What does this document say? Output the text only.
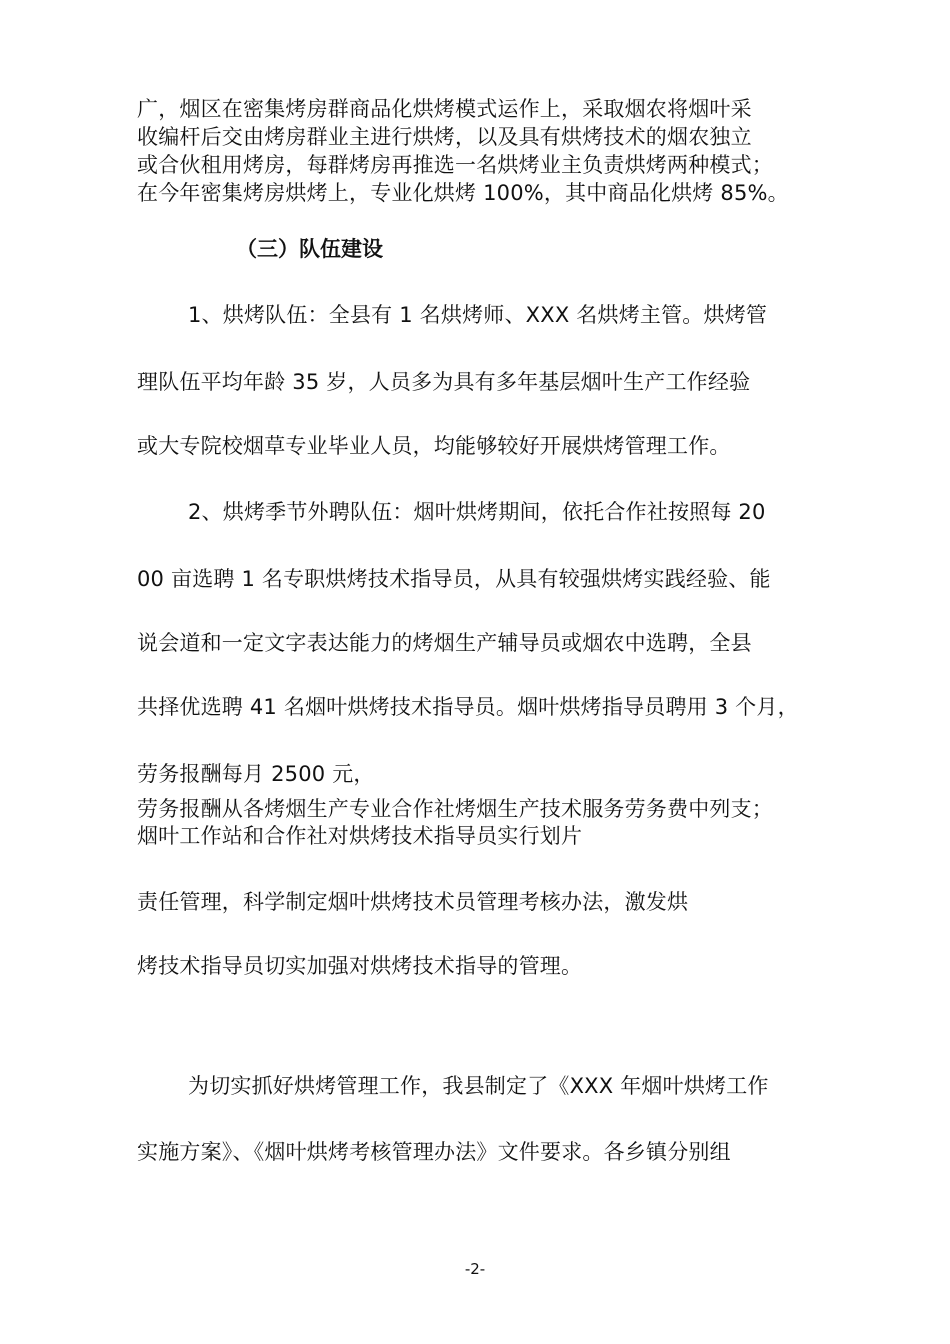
广，烟区在密集烤房群商品化烘烤模式运作上，采取烟农将烟叶采
收编杆后交由烤房群业主进行烘烤，以及具有烘烤技术的烟农独立
或合伙租用烤房，每群烤房再推选一名烘烤业主负责烘烤两种模式；
在今年密集烤房烘烤上，专业化烘烤 100%，其中商品化烘烤 85%。
（三）队伍建设
1、烘烤队伍：全县有 1 名烘烤师、XXX 名烘烤主管。烘烤管
理队伍平均年龄 35 岁，人员多为具有多年基层烟叶生产工作经验
或大专院校烟草专业毕业人员，均能够较好开展烘烤管理工作。
2、烘烤季节外聘队伍：烟叶烘烤期间，依托合作社按照每 20
00 亩选聘 1 名专职烘烤技术指导员，从具有较强烘烤实践经验、能
说会道和一定文字表达能力的烤烟生产辅导员或烟农中选聘，全县
共择优选聘 41 名烟叶烘烤技术指导员。烟叶烘烤指导员聘用 3 个月，
劳务报酬每月 2500 元，
劳务报酬从各烤烟生产专业合作社烤烟生产技术服务劳务费中列支；
烟叶工作站和合作社对烘烤技术指导员实行划片
责任管理，科学制定烟叶烘烤技术员管理考核办法，激发烘
烤技术指导员切实加强对烘烤技术指导的管理。
为切实抓好烘烤管理工作，我县制定了《XXX 年烟叶烘烤工作
实施方案》、《烟叶烘烤考核管理办法》文件要求。各乡镇分别组
-2-
